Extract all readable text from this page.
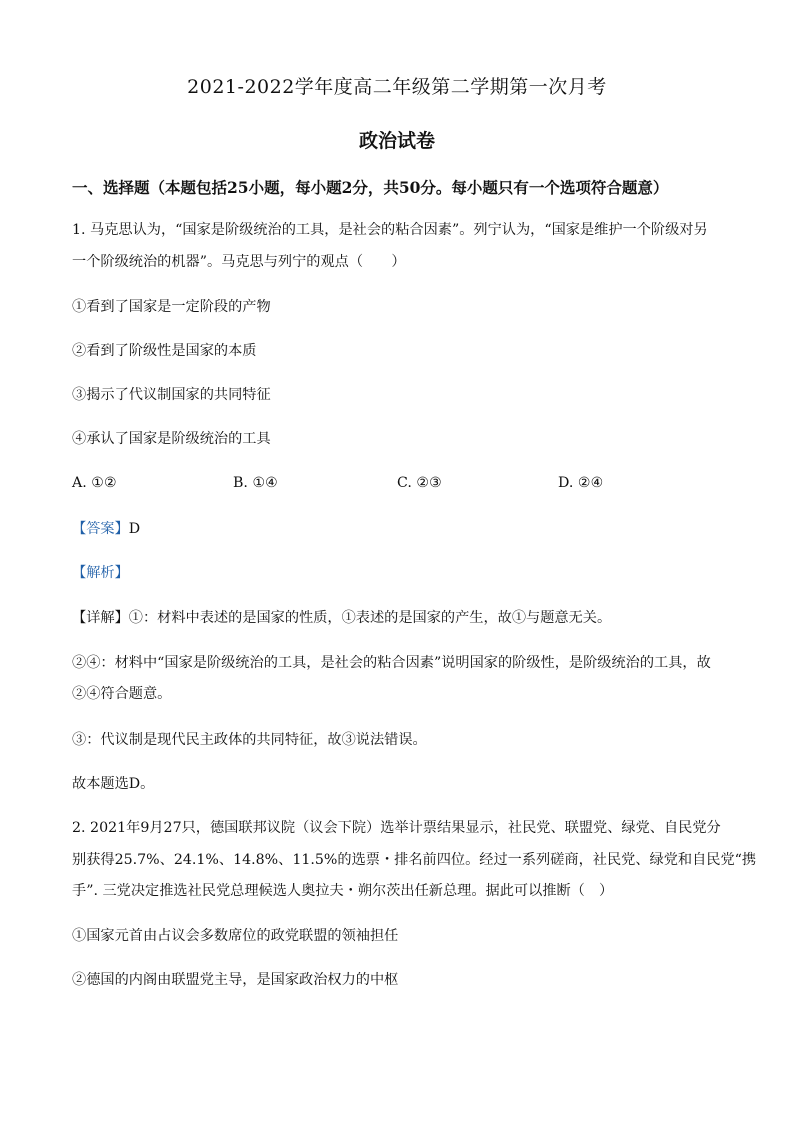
2021-2022学年度高二年级第二学期第一次月考
政治试卷
一、选择题（本题包括25小题，每小题2分，共50分。每小题只有一个选项符合题意）
1. 马克思认为，“国家是阶级统治的工具，是社会的粘合因素”。列宁认为，“国家是维护一个阶级对另
一个阶级统治的机器”。马克思与列宁的观点（　　）
①看到了国家是一定阶段的产物
②看到了阶级性是国家的本质
③揭示了代议制国家的共同特征
④承认了国家是阶级统治的工具
A. ①②	B. ①④	C. ②③	D. ②④
【答案】D
【解析】
【详解】①：材料中表述的是国家的性质，①表述的是国家的产生，故①与题意无关。
②④：材料中“国家是阶级统治的工具，是社会的粘合因素”说明国家的阶级性，是阶级统治的工具，故
②④符合题意。
③：代议制是现代民主政体的共同特征，故③说法错误。
故本题选D。
2. 2021年9月27只，德国联邦议院（议会下院）选举计票结果显示，社民党、联盟党、绿党、自民党分
别获得25.7%、24.1%、14.8%、11.5%的选票・排名前四位。经过一系列磋商，社民党、绿党和自民党“携
手”. 三党决定推选社民党总理候选人奥拉夫・朔尔茨出任新总理。据此可以推断（　）
①国家元首由占议会多数席位的政党联盟的领袖担任
②德国的内阁由联盟党主导，是国家政治权力的中枢
